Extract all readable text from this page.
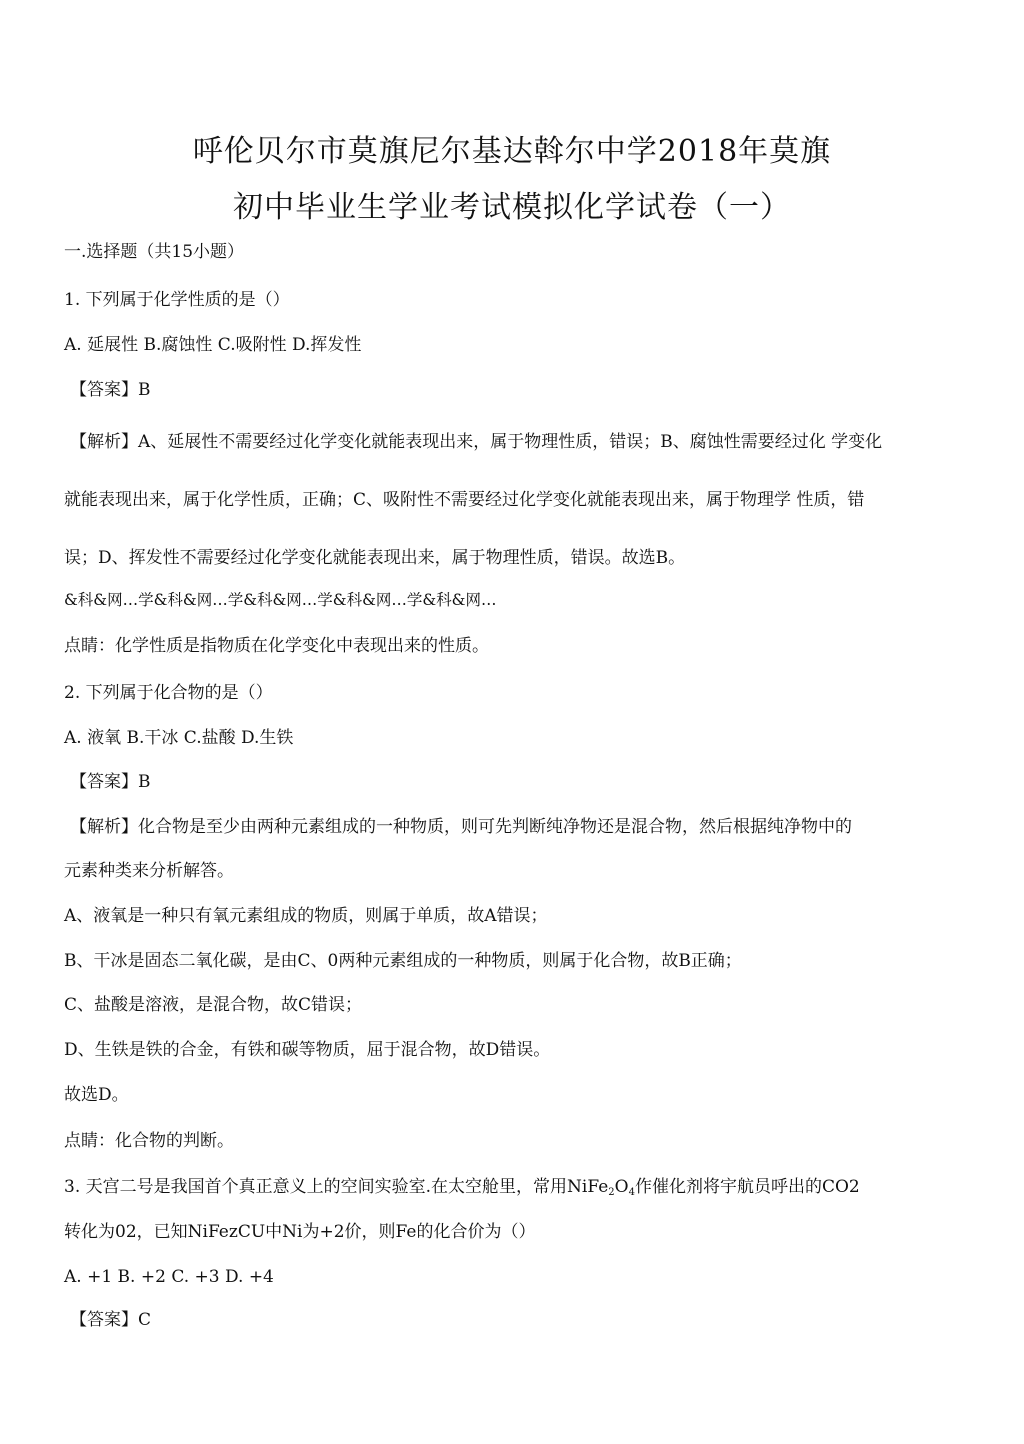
呼伦贝尔市莫旗尼尔基达斡尔中学2018年莫旗
初中毕业生学业考试模拟化学试卷（一）
一.选择题（共15小题）
1. 下列属于化学性质的是（）
A. 延展性 B.腐蚀性 C.吸附性 D.挥发性
【答案】B
【解析】A、延展性不需要经过化学变化就能表现出来，属于物理性质，错误；B、腐蚀性需要经过化 学变化
就能表现出来，属于化学性质，正确；C、吸附性不需要经过化学变化就能表现出来，属于物理学 性质，错
误；D、挥发性不需要经过化学变化就能表现出来，属于物理性质，错误。故选B。
&科&网…学&科&网…学&科&网…学&科&网…学&科&网…
点睛：化学性质是指物质在化学变化中表现出来的性质。
2. 下列属于化合物的是（）
A. 液氧 B.干冰 C.盐酸 D.生铁
【答案】B
【解析】化合物是至少由两种元素组成的一种物质，则可先判断纯净物还是混合物，然后根据纯净物中的
元素种类来分析解答。
A、液氧是一种只有氧元素组成的物质，则属于单质，故A错误；
B、干冰是固态二氧化碳，是由C、0两种元素组成的一种物质，则属于化合物，故B正确；
C、盐酸是溶液，是混合物，故C错误；
D、生铁是铁的合金，有铁和碳等物质，屈于混合物，故D错误。
故选D。
点睛：化合物的判断。
3. 天宫二号是我国首个真正意义上的空间实验室.在太空舱里，常用$NiFe_2O_4$作催化剂将宇航员呼出的CO2
转化为02，已知NiFezCU中Ni为+2价，则Fe的化合价为（）
A. +1 B. +2 C. +3 D. +4
【答案】C
